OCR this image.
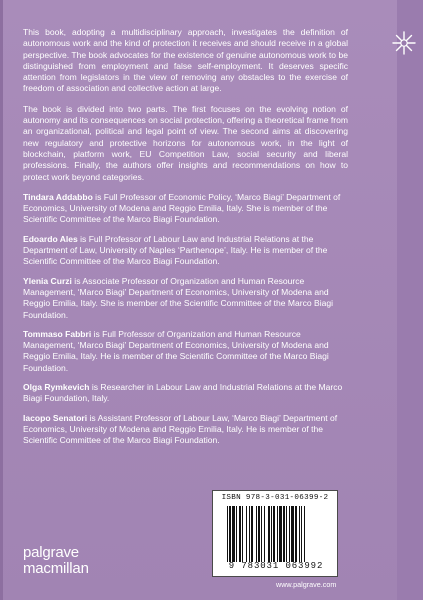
This book, adopting a multidisciplinary approach, investigates the definition of autonomous work and the kind of protection it receives and should receive in a global perspective. The book advocates for the existence of genuine autonomous work to be distinguished from employment and false self-employment. It deserves specific attention from legislators in the view of removing any obstacles to the exercise of freedom of association and collective action at large.

The book is divided into two parts. The first focuses on the evolving notion of autonomy and its consequences on social protection, offering a theoretical frame from an organizational, political and legal point of view. The second aims at discovering new regulatory and protective horizons for autonomous work, in the light of blockchain, platform work, EU Competition Law, social security and liberal professions. Finally, the authors offer insights and recommendations on how to protect work beyond categories.

Tindara Addabbo is Full Professor of Economic Policy, ‘Marco Biagi’ Department of Economics, University of Modena and Reggio Emilia, Italy. She is member of the Scientific Committee of the Marco Biagi Foundation.

Edoardo Ales is Full Professor of Labour Law and Industrial Relations at the Department of Law, University of Naples ‘Parthenope’, Italy. He is member of the Scientific Committee of the Marco Biagi Foundation.

Ylenia Curzi is Associate Professor of Organization and Human Resource Management, ‘Marco Biagi’ Department of Economics, University of Modena and Reggio Emilia, Italy. She is member of the Scientific Committee of the Marco Biagi Foundation.

Tommaso Fabbri is Full Professor of Organization and Human Resource Management, ‘Marco Biagi’ Department of Economics, University of Modena and Reggio Emilia, Italy. He is member of the Scientific Committee of the Marco Biagi Foundation.

Olga Rymkevich is Researcher in Labour Law and Industrial Relations at the Marco Biagi Foundation, Italy.

Iacopo Senatori is Assistant Professor of Labour Law, ‘Marco Biagi’ Department of Economics, University of Modena and Reggio Emilia, Italy. He is member of the Scientific Committee of the Marco Biagi Foundation.

palgrave
macmillan
ISBN 978-3-031-06399-2
9 783031 063992
www.palgrave.com
